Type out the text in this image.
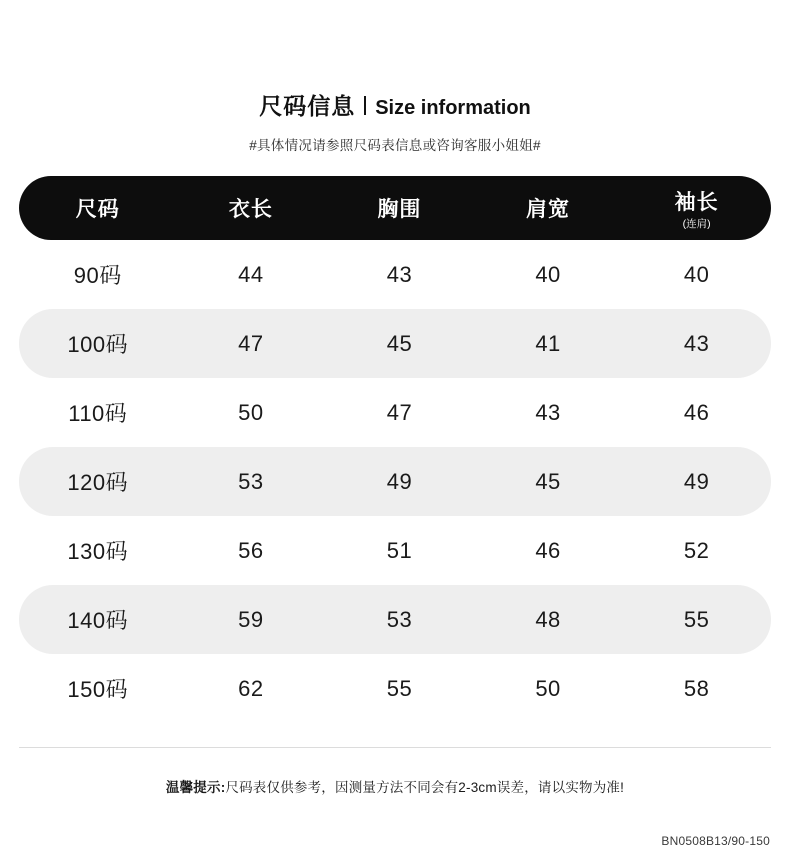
尺码信息 Size information
#具体情况请参照尺码表信息或咨询客服小姐姐#
尺码	衣长	胸围	肩宽	袖长
(连肩)
90码	44	43	40	40
100码	47	45	41	43
110码	50	47	43	46
120码	53	49	45	49
130码	56	51	46	52
140码	59	53	48	55
150码	62	55	50	58
温馨提示:尺码表仅供参考，因测量方法不同会有2-3cm误差，请以实物为准!
BN0508B13/90-150
